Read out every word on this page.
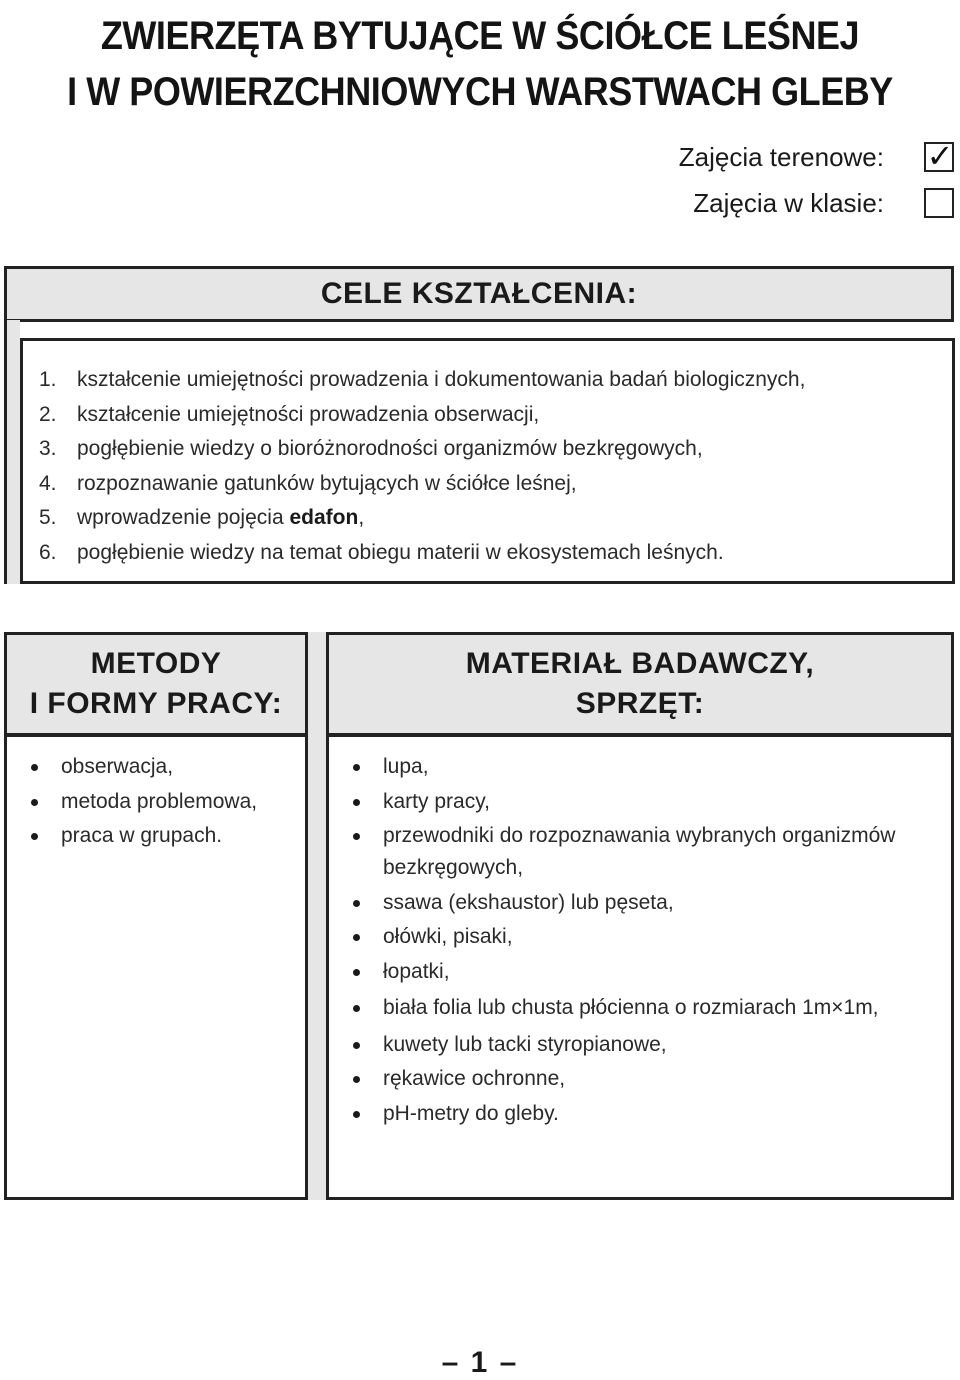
ZWIERZĘTA BYTUJĄCE W ŚCIÓŁCE LEŚNEJ
I W POWIERZCHNIOWYCH WARSTWACH GLEBY
Zajęcia terenowe: ✓
Zajęcia w klasie:
CELE KSZTAŁCENIA:
1. kształcenie umiejętności prowadzenia i dokumentowania badań biologicznych,
2. kształcenie umiejętności prowadzenia obserwacji,
3. pogłębienie wiedzy o bioróżnorodności organizmów bezkręgowych,
4. rozpoznawanie gatunków bytujących w ściółce leśnej,
5. wprowadzenie pojęcia edafon,
6. pogłębienie wiedzy na temat obiegu materii w ekosystemach leśnych.
METODY
I FORMY PRACY:
MATERIAŁ BADAWCZY,
SPRZĘT:
obserwacja,
metoda problemowa,
praca w grupach.
lupa,
karty pracy,
przewodniki do rozpoznawania wybranych organizmów bezkręgowych,
ssawa (ekshaustor) lub pęseta,
ołówki, pisaki,
łopatki,
biała folia lub chusta płócienna o rozmiarach 1m×1m,
kuwety lub tacki styropianowe,
rękawice ochronne,
pH-metry do gleby.
– 1 –
